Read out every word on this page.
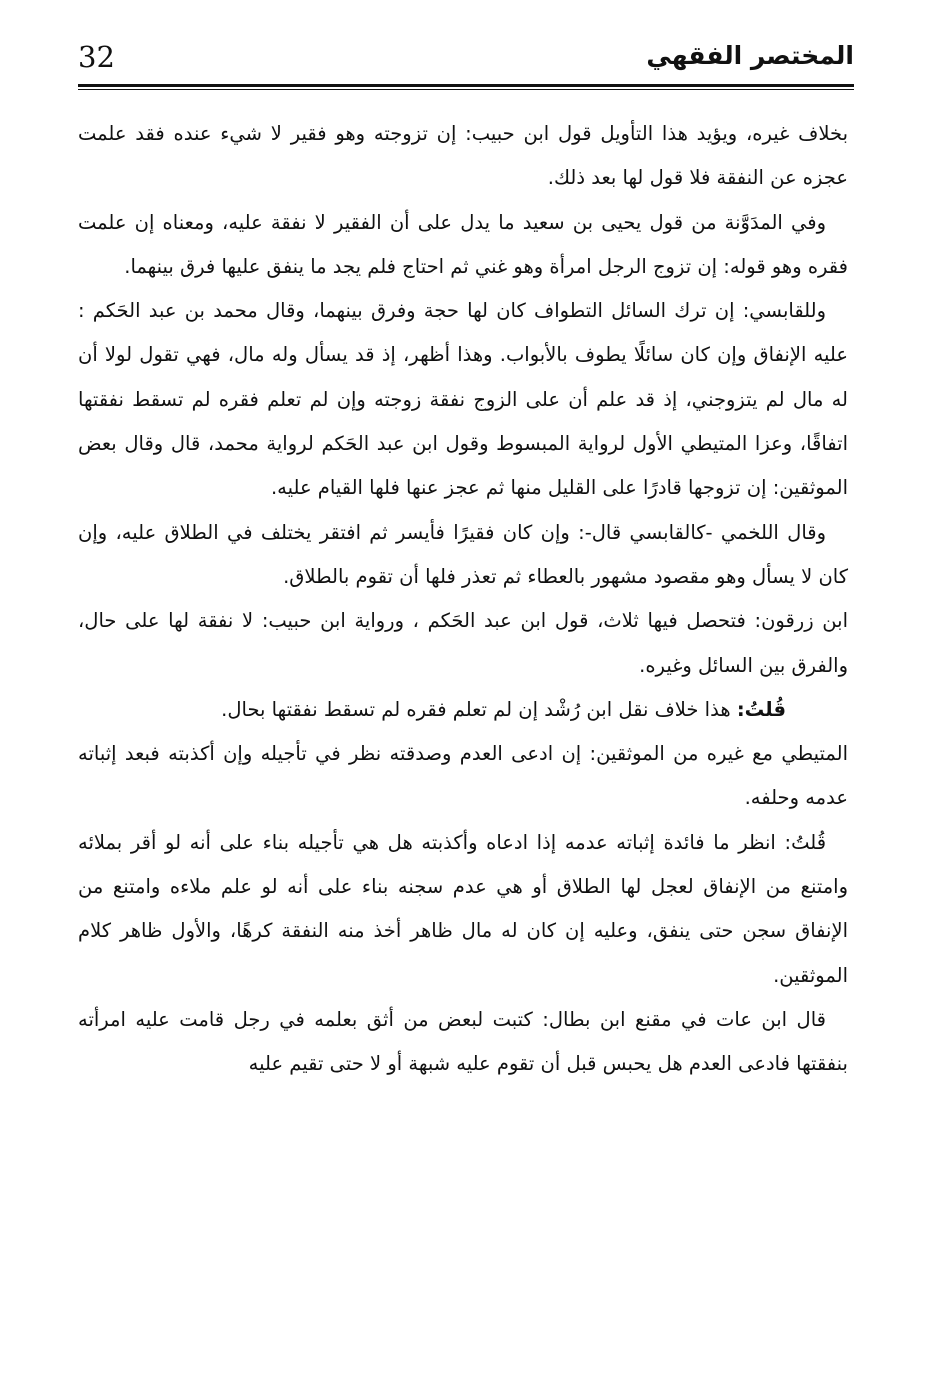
32	المختصر الفقهي

بخلاف غيره، ويؤيد هذا التأويل قول ابن حبيب: إن تزوجته وهو فقير لا شيء عنده فقد علمت عجزه عن النفقة فلا قول لها بعد ذلك.

وفي المدَوَّنة من قول يحيى بن سعيد ما يدل على أن الفقير لا نفقة عليه، ومعناه إن علمت فقره وهو قوله: إن تزوج الرجل امرأة وهو غني ثم احتاج فلم يجد ما ينفق عليها فرق بينهما.

وللقابسي: إن ترك السائل التطواف كان لها حجة وفرق بينهما، وقال محمد بن عبد الحَكم : عليه الإنفاق وإن كان سائلًا يطوف بالأبواب. وهذا أظهر، إذ قد يسأل وله مال، فهي تقول لولا أن له مال لم يتزوجني، إذ قد علم أن على الزوج نفقة زوجته وإن لم تعلم فقره لم تسقط نفقتها اتفاقًا، وعزا المتيطي الأول لرواية المبسوط وقول ابن عبد الحَكم لرواية محمد، قال وقال بعض الموثقين: إن تزوجها قادرًا على القليل منها ثم عجز عنها فلها القيام عليه.

وقال اللخمي -كالقابسي قال-: وإن كان فقيرًا فأيسر ثم افتقر يختلف في الطلاق عليه، وإن كان لا يسأل وهو مقصود مشهور بالعطاء ثم تعذر فلها أن تقوم بالطلاق.

ابن زرقون: فتحصل فيها ثلاث، قول ابن عبد الحَكم ، ورواية ابن حبيب: لا نفقة لها على حال، والفرق بين السائل وغيره.

قُلتُ: هذا خلاف نقل ابن رُشْد إن لم تعلم فقره لم تسقط نفقتها بحال.

المتيطي مع غيره من الموثقين: إن ادعى العدم وصدقته نظر في تأجيله وإن أكذبته فبعد إثباته عدمه وحلفه.

قُلتُ: انظر ما فائدة إثباته عدمه إذا ادعاه وأكذبته هل هي تأجيله بناء على أنه لو أقر بملائه وامتنع من الإنفاق لعجل لها الطلاق أو هي عدم سجنه بناء على أنه لو علم ملاءه وامتنع من الإنفاق سجن حتى ينفق، وعليه إن كان له مال ظاهر أخذ منه النفقة كرهًا، والأول ظاهر كلام الموثقين.

قال ابن عات في مقنع ابن بطال: كتبت لبعض من أثق بعلمه في رجل قامت عليه امرأته بنفقتها فادعى العدم هل يحبس قبل أن تقوم عليه شبهة أو لا حتى تقيم عليه
